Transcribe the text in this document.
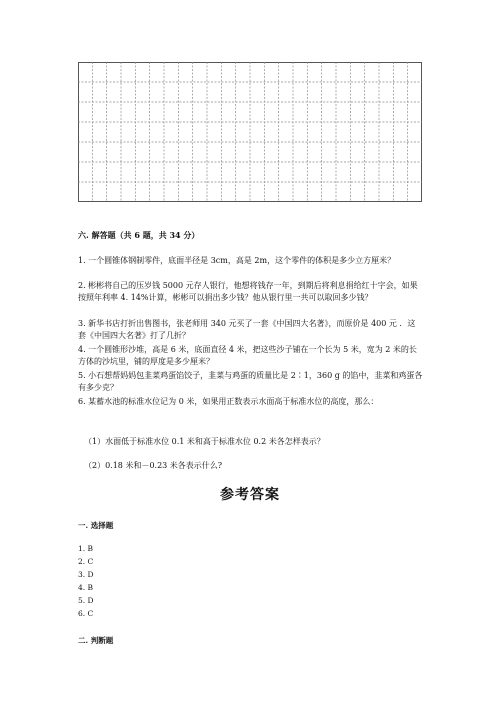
六. 解答题（共 6 题，共 34 分）
1. 一个圆锥体钢制零件，底面半径是 3cm，高是 2m，这个零件的体积是多少立方厘米？
2. 彬彬将自己的压岁钱 5000 元存人银行，他想将钱存一年，到期后将利息捐给红十字会，如果按照年利率 4. 14%计算，彬彬可以捐出多少钱？他从银行里一共可以取回多少钱？
3. 新华书店打折出售图书，张老师用 340 元买了一套《中国四大名著》，而原价是 400 元 ．这套《中国四大名著》打了几折？
4. 一个圆锥形沙堆，高是 6 米，底面直径 4 米，把这些沙子铺在一个长为 5 米，宽为 2 米的长方体的沙坑里，铺的厚度是多少厘米？
5. 小石想帮妈妈包韭菜鸡蛋馅饺子，韭菜与鸡蛋的质量比是 2∶1，360 g 的馅中，韭菜和鸡蛋各有多少克？
6. 某蓄水池的标准水位记为 0 米，如果用正数表示水面高于标准水位的高度，那么：
（1）水面低于标准水位 0.1 米和高于标准水位 0.2 米各怎样表示？
（2）0.18 米和－0.23 米各表示什么?
参考答案
一. 选择题
1. B
2. C
3. D
4. B
5. D
6. C
二. 判断题
